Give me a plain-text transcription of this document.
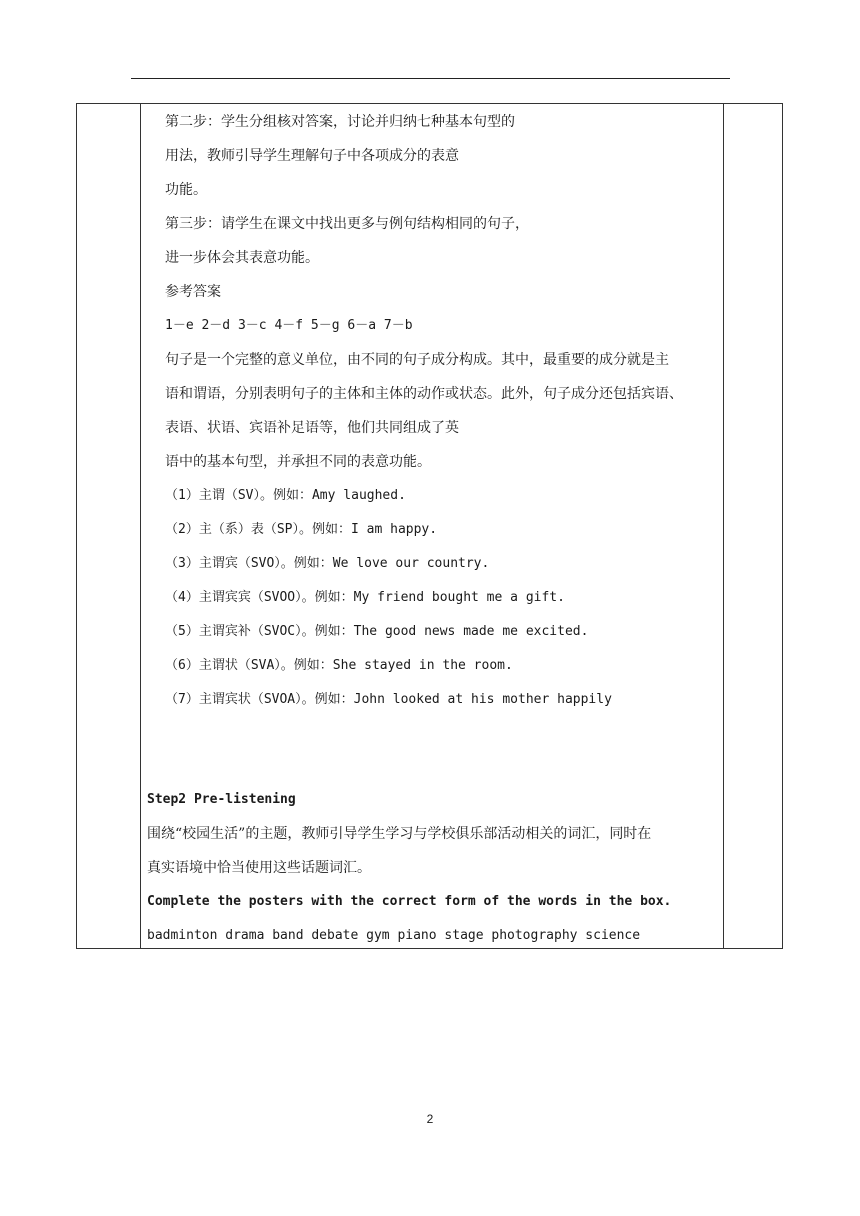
第二步：学生分组核对答案，讨论并归纳七种基本句型的
用法，教师引导学生理解句子中各项成分的表意
功能。
第三步：请学生在课文中找出更多与例句结构相同的句子，
进一步体会其表意功能。
参考答案
1－e 2－d 3－c 4－f 5－g 6－a 7－b
句子是一个完整的意义单位，由不同的句子成分构成。其中，最重要的成分就是主
语和谓语，分别表明句子的主体和主体的动作或状态。此外，句子成分还包括宾语、
表语、状语、宾语补足语等，他们共同组成了英
语中的基本句型，并承担不同的表意功能。
（1）主谓（SV）。例如：Amy laughed.
（2）主（系）表（SP）。例如：I am happy.
（3）主谓宾（SVO）。例如：We love our country.
（4）主谓宾宾（SVOO）。例如：My friend bought me a gift.
（5）主谓宾补（SVOC）。例如：The good news made me excited.
（6）主谓状（SVA）。例如：She stayed in the room.
（7）主谓宾状（SVOA）。例如：John looked at his mother happily
Step2 Pre-listening
围绕“校园生活”的主题，教师引导学生学习与学校俱乐部活动相关的词汇，同时在
真实语境中恰当使用这些话题词汇。
Complete the posters with the correct form of the words in the box.
badminton drama band debate gym piano stage photography science
2
